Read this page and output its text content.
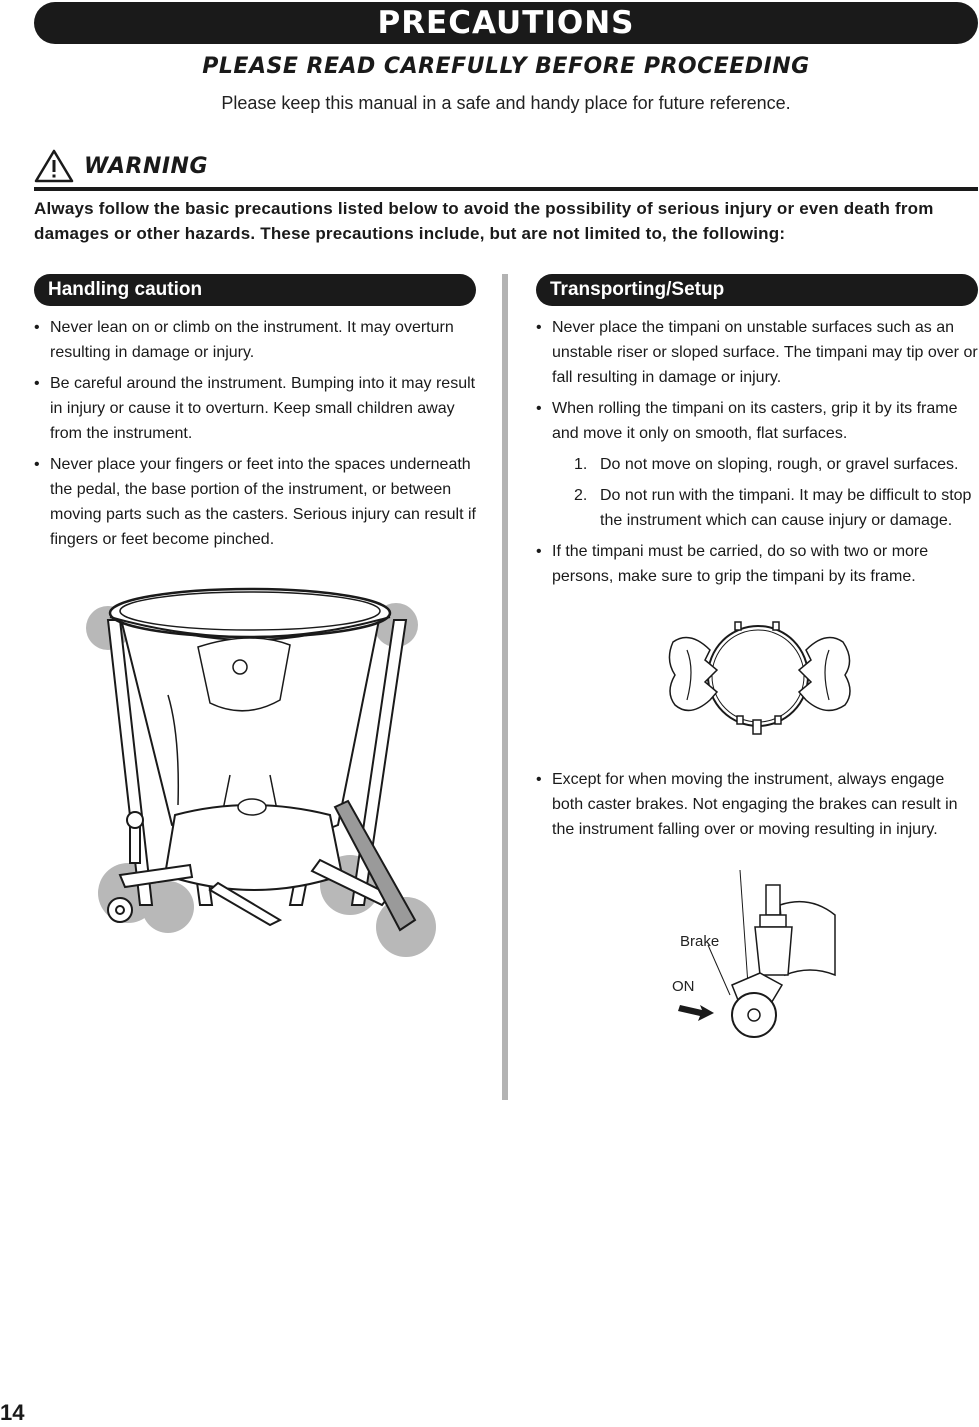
PRECAUTIONS
PLEASE READ CAREFULLY BEFORE PROCEEDING
Please keep this manual in a safe and handy place for future reference.
WARNING
Always follow the basic precautions listed below to avoid the possibility of serious injury or even death from
damages or other hazards. These precautions include, but are not limited to, the following:
Handling caution
• Never lean on or climb on the instrument. It may overturn resulting in damage or injury.
• Be careful around the instrument. Bumping into it may result in injury or cause it to overturn. Keep small children away from the instrument.
• Never place your fingers or feet into the spaces underneath the pedal, the base portion of the instrument, or between moving parts such as the casters. Serious injury can result if fingers or feet become pinched.
Transporting/Setup
• Never place the timpani on unstable surfaces such as an unstable riser or sloped surface. The timpani may tip over or fall resulting in damage or injury.
• When rolling the timpani on its casters, grip it by its frame and move it only on smooth, flat surfaces.
1. Do not move on sloping, rough, or gravel surfaces.
2. Do not run with the timpani. It may be difficult to stop the instrument which can cause injury or damage.
• If the timpani must be carried, do so with two or more persons, make sure to grip the timpani by its frame.
• Except for when moving the instrument, always engage both caster brakes. Not engaging the brakes can result in the instrument falling over or moving resulting in injury.
Brake
ON
14
